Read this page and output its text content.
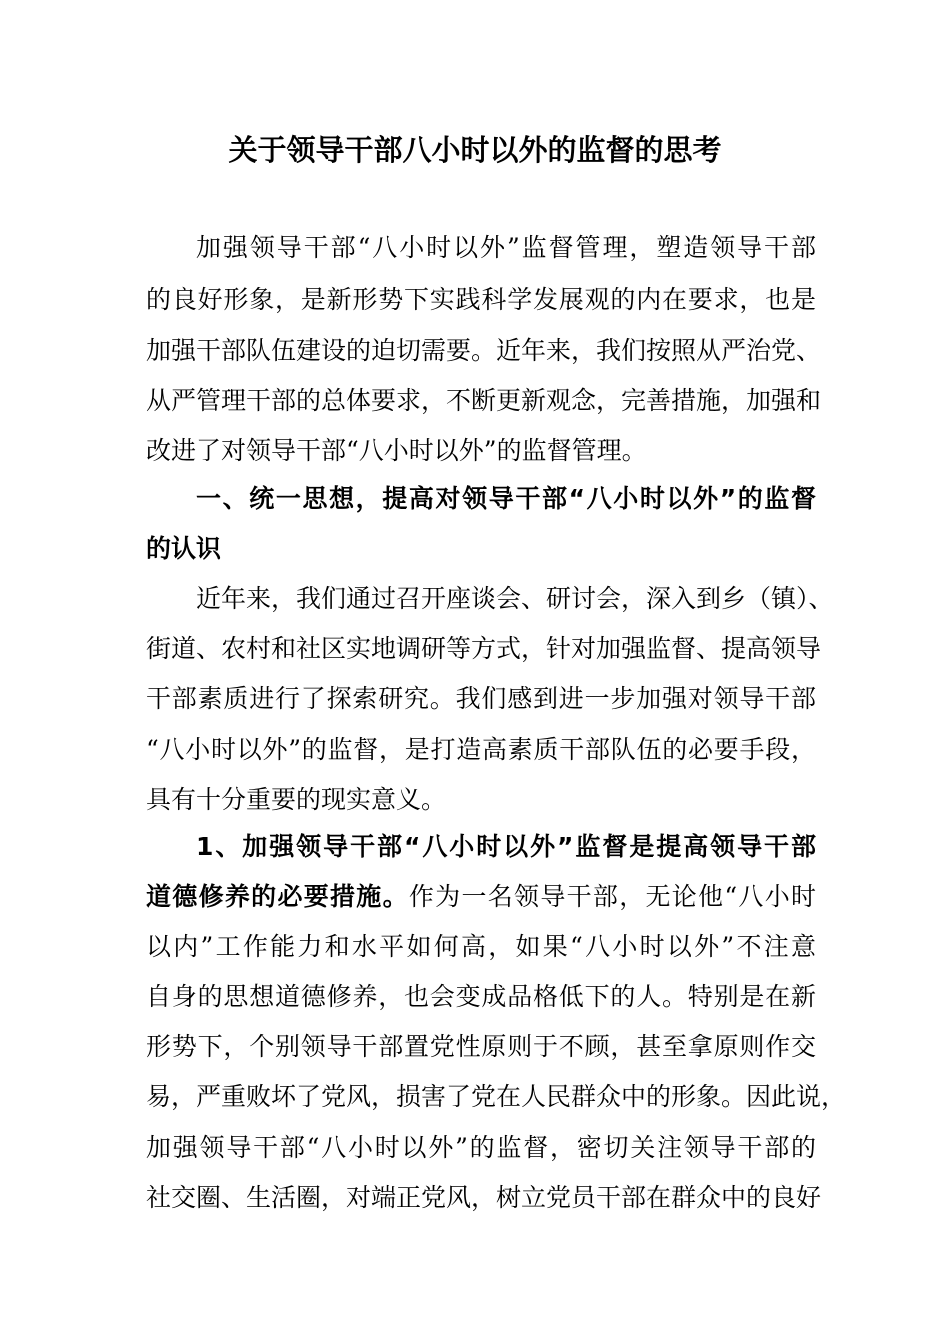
关于领导干部八小时以外的监督的思考

加强领导干部“八小时以外”监督管理，塑造领导干部

的良好形象，是新形势下实践科学发展观的内在要求，也是

加强干部队伍建设的迫切需要。近年来，我们按照从严治党、

从严管理干部的总体要求，不断更新观念，完善措施，加强和

改进了对领导干部“八小时以外”的监督管理。

一、统一思想，提高对领导干部“八小时以外”的监督

的认识

近年来，我们通过召开座谈会、研讨会，深入到乡（镇）、

街道、农村和社区实地调研等方式，针对加强监督、提高领导

干部素质进行了探索研究。我们感到进一步加强对领导干部

“八小时以外”的监督，是打造高素质干部队伍的必要手段，

具有十分重要的现实意义。

1、加强领导干部“八小时以外”监督是提高领导干部

道德修养的必要措施。作为一名领导干部，无论他“八小时

以内”工作能力和水平如何高，如果“八小时以外”不注意

自身的思想道德修养，也会变成品格低下的人。特别是在新

形势下，个别领导干部置党性原则于不顾，甚至拿原则作交

易，严重败坏了党风，损害了党在人民群众中的形象。因此说，

加强领导干部“八小时以外”的监督，密切关注领导干部的

社交圈、生活圈，对端正党风，树立党员干部在群众中的良好
